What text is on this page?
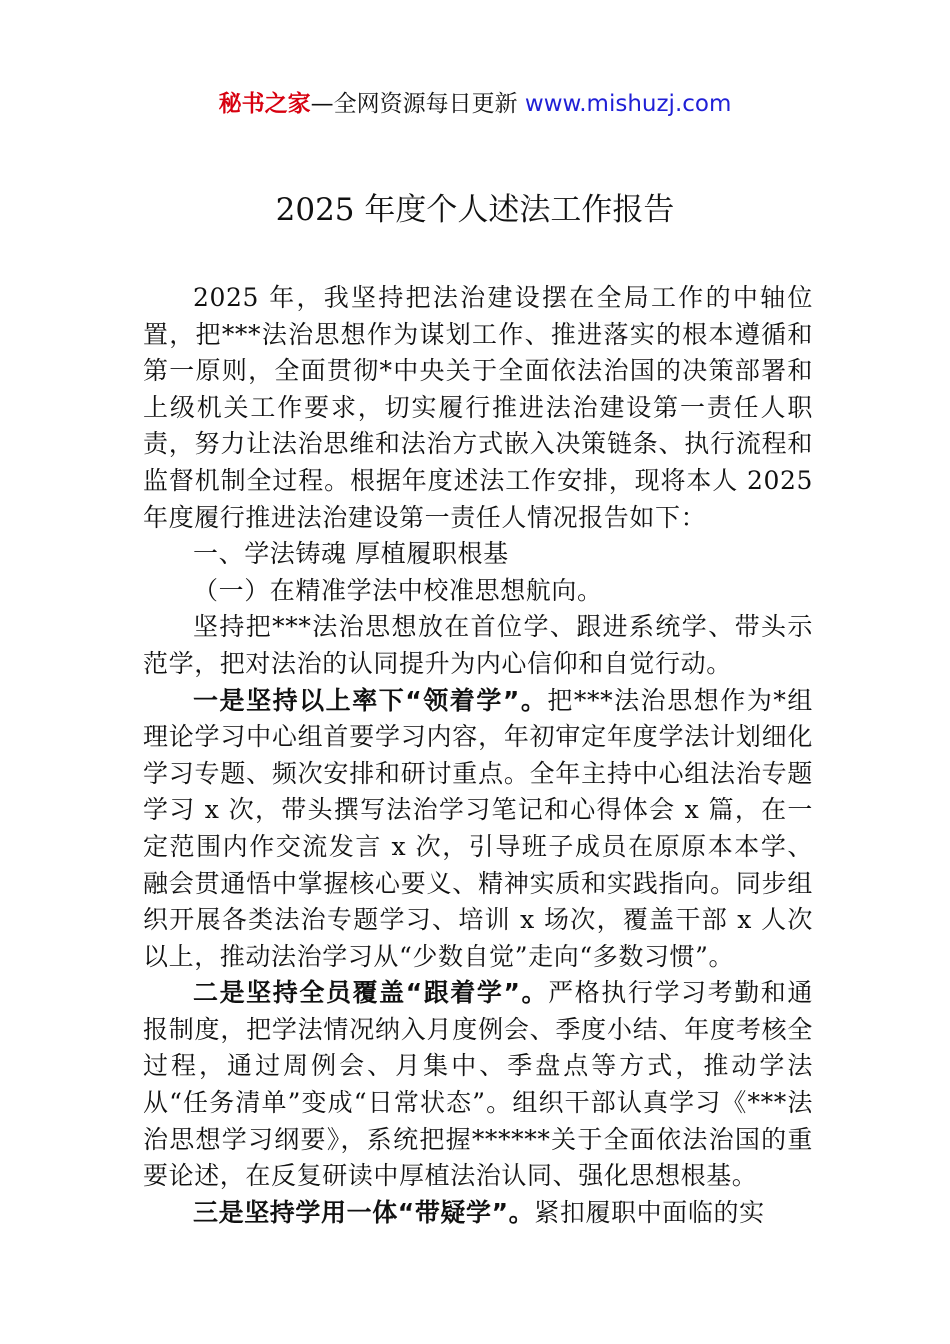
秘书之家—全网资源每日更新 www.mishuzj.com
2025 年度个人述法工作报告

2025 年，我坚持把法治建设摆在全局工作的中轴位置，把***法治思想作为谋划工作、推进落实的根本遵循和第一原则，全面贯彻*中央关于全面依法治国的决策部署和上级机关工作要求，切实履行推进法治建设第一责任人职责，努力让法治思维和法治方式嵌入决策链条、执行流程和监督机制全过程。根据年度述法工作安排，现将本人 2025 年度履行推进法治建设第一责任人情况报告如下：

一、学法铸魂 厚植履职根基

（一）在精准学法中校准思想航向。

坚持把***法治思想放在首位学、跟进系统学、带头示范学，把对法治的认同提升为内心信仰和自觉行动。

一是坚持以上率下“领着学”。把***法治思想作为*组理论学习中心组首要学习内容，年初审定年度学法计划细化学习专题、频次安排和研讨重点。全年主持中心组法治专题学习 x 次，带头撰写法治学习笔记和心得体会 x 篇，在一定范围内作交流发言 x 次，引导班子成员在原原本本学、融会贯通悟中掌握核心要义、精神实质和实践指向。同步组织开展各类法治专题学习、培训 x 场次，覆盖干部 x 人次以上，推动法治学习从“少数自觉”走向“多数习惯”。

二是坚持全员覆盖“跟着学”。严格执行学习考勤和通报制度，把学法情况纳入月度例会、季度小结、年度考核全过程，通过周例会、月集中、季盘点等方式，推动学法从“任务清单”变成“日常状态”。组织干部认真学习《***法治思想学习纲要》，系统把握******关于全面依法治国的重要论述，在反复研读中厚植法治认同、强化思想根基。

三是坚持学用一体“带疑学”。紧扣履职中面临的实
